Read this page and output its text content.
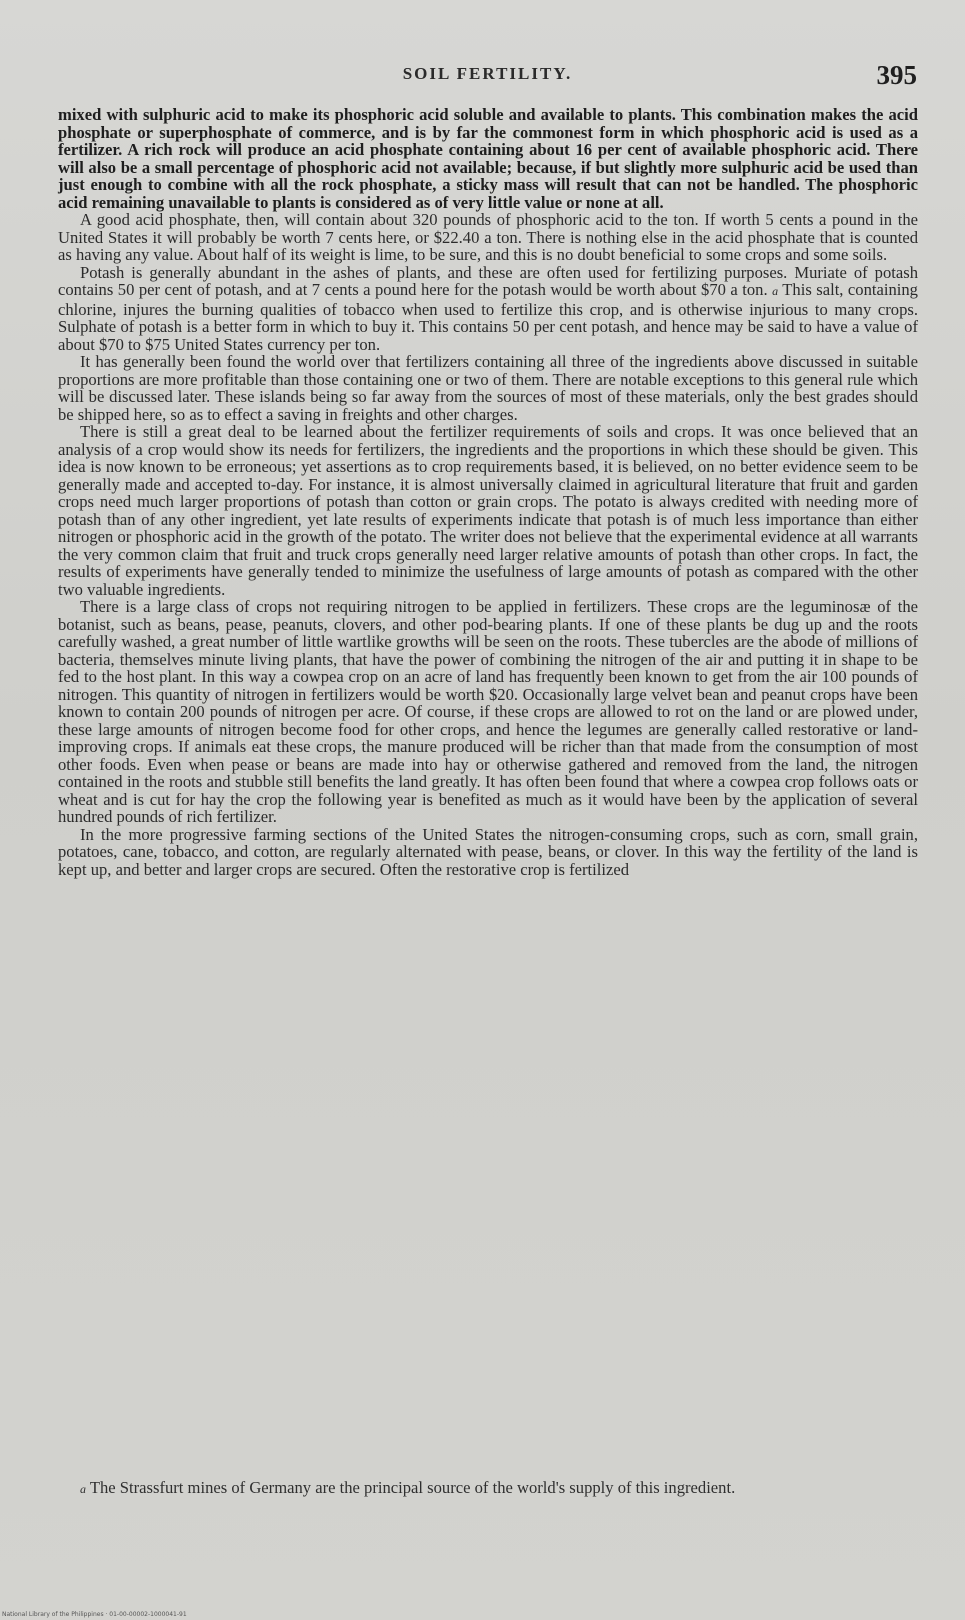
SOIL FERTILITY.	395

mixed with sulphuric acid to make its phosphoric acid soluble and available to plants. This combination makes the acid phosphate or superphosphate of commerce, and is by far the commonest form in which phosphoric acid is used as a fertilizer. A rich rock will produce an acid phosphate containing about 16 per cent of available phosphoric acid. There will also be a small percentage of phosphoric acid not available; because, if but slightly more sulphuric acid be used than just enough to combine with all the rock phosphate, a sticky mass will result that can not be handled. The phosphoric acid remaining unavailable to plants is considered as of very little value or none at all.

A good acid phosphate, then, will contain about 320 pounds of phosphoric acid to the ton. If worth 5 cents a pound in the United States it will probably be worth 7 cents here, or $22.40 a ton. There is nothing else in the acid phosphate that is counted as having any value. About half of its weight is lime, to be sure, and this is no doubt beneficial to some crops and some soils.

Potash is generally abundant in the ashes of plants, and these are often used for fertilizing purposes. Muriate of potash contains 50 per cent of potash, and at 7 cents a pound here for the potash would be worth about $70 a ton. a This salt, containing chlorine, injures the burning qualities of tobacco when used to fertilize this crop, and is otherwise injurious to many crops. Sulphate of potash is a better form in which to buy it. This contains 50 per cent potash, and hence may be said to have a value of about $70 to $75 United States currency per ton.

It has generally been found the world over that fertilizers containing all three of the ingredients above discussed in suitable proportions are more profitable than those containing one or two of them. There are notable exceptions to this general rule which will be discussed later. These islands being so far away from the sources of most of these materials, only the best grades should be shipped here, so as to effect a saving in freights and other charges.

There is still a great deal to be learned about the fertilizer requirements of soils and crops. It was once believed that an analysis of a crop would show its needs for fertilizers, the ingredients and the proportions in which these should be given. This idea is now known to be erroneous; yet assertions as to crop requirements based, it is believed, on no better evidence seem to be generally made and accepted to-day. For instance, it is almost universally claimed in agricultural literature that fruit and garden crops need much larger proportions of potash than cotton or grain crops. The potato is always credited with needing more of potash than of any other ingredient, yet late results of experiments indicate that potash is of much less importance than either nitrogen or phosphoric acid in the growth of the potato. The writer does not believe that the experimental evidence at all warrants the very common claim that fruit and truck crops generally need larger relative amounts of potash than other crops. In fact, the results of experiments have generally tended to minimize the usefulness of large amounts of potash as compared with the other two valuable ingredients.

There is a large class of crops not requiring nitrogen to be applied in fertilizers. These crops are the leguminosæ of the botanist, such as beans, pease, peanuts, clovers, and other pod-bearing plants. If one of these plants be dug up and the roots carefully washed, a great number of little wartlike growths will be seen on the roots. These tubercles are the abode of millions of bacteria, themselves minute living plants, that have the power of combining the nitrogen of the air and putting it in shape to be fed to the host plant. In this way a cowpea crop on an acre of land has frequently been known to get from the air 100 pounds of nitrogen. This quantity of nitrogen in fertilizers would be worth $20. Occasionally large velvet bean and peanut crops have been known to contain 200 pounds of nitrogen per acre. Of course, if these crops are allowed to rot on the land or are plowed under, these large amounts of nitrogen become food for other crops, and hence the legumes are generally called restorative or land-improving crops. If animals eat these crops, the manure produced will be richer than that made from the consumption of most other foods. Even when pease or beans are made into hay or otherwise gathered and removed from the land, the nitrogen contained in the roots and stubble still benefits the land greatly. It has often been found that where a cowpea crop follows oats or wheat and is cut for hay the crop the following year is benefited as much as it would have been by the application of several hundred pounds of rich fertilizer.

In the more progressive farming sections of the United States the nitrogen-consuming crops, such as corn, small grain, potatoes, cane, tobacco, and cotton, are regularly alternated with pease, beans, or clover. In this way the fertility of the land is kept up, and better and larger crops are secured. Often the restorative crop is fertilized

a The Strassfurt mines of Germany are the principal source of the world's supply of this ingredient.
National Library of the Philippines · 01-00-00002-1000041-91
